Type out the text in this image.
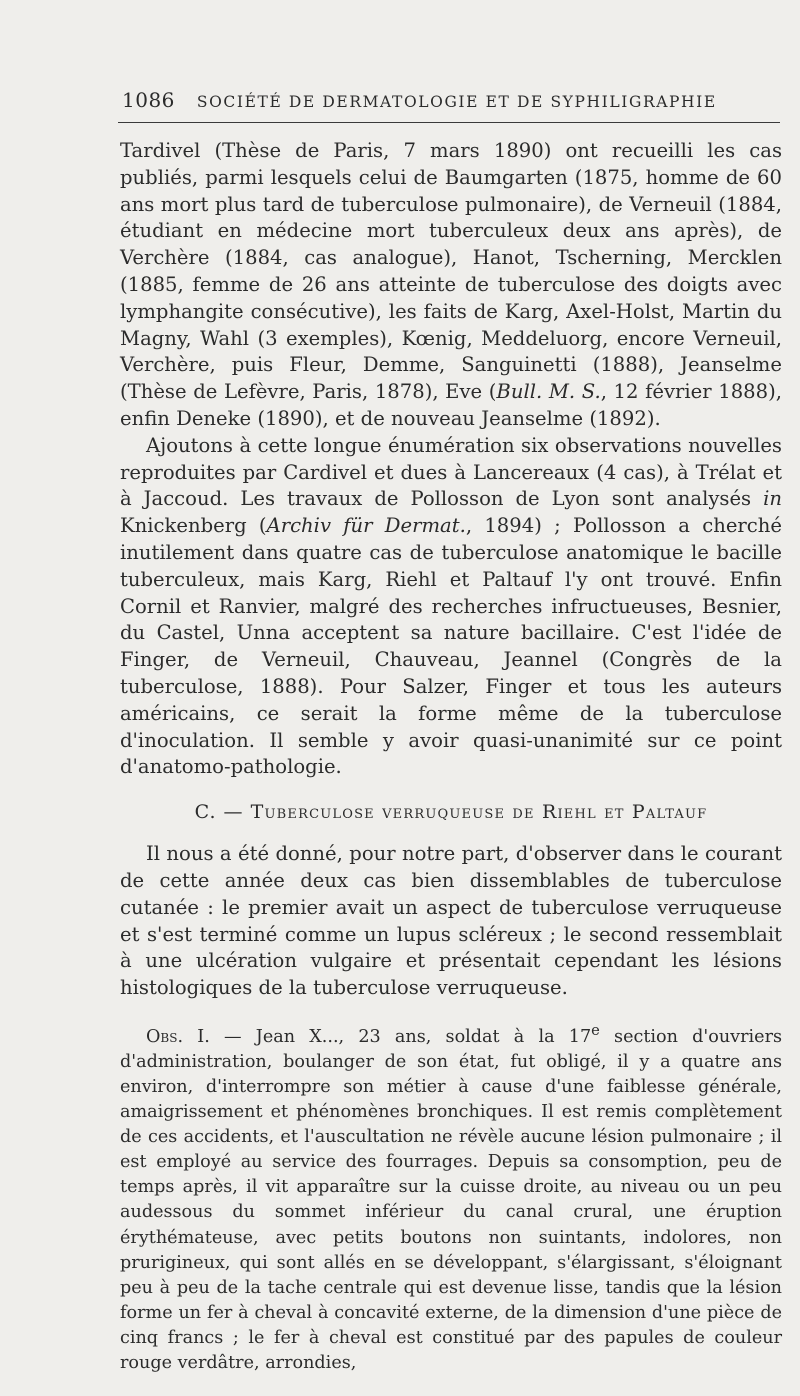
1086 SOCIÉTÉ DE DERMATOLOGIE ET DE SYPHILIGRAPHIE

Tardivel (Thèse de Paris, 7 mars 1890) ont recueilli les cas publiés, parmi lesquels celui de Baumgarten (1875, homme de 60 ans mort plus tard de tuberculose pulmonaire), de Verneuil (1884, étudiant en médecine mort tuberculeux deux ans après), de Verchère (1884, cas analogue), Hanot, Tscherning, Mercklen (1885, femme de 26 ans atteinte de tuberculose des doigts avec lymphangite consécutive), les faits de Karg, Axel-Holst, Martin du Magny, Wahl (3 exemples), Kœnig, Meddeluorg, encore Verneuil, Verchère, puis Fleur, Demme, Sanguinetti (1888), Jeanselme (Thèse de Lefèvre, Paris, 1878), Eve (Bull. M. S., 12 février 1888), enfin Deneke (1890), et de nouveau Jeanselme (1892).

Ajoutons à cette longue énumération six observations nouvelles reproduites par Cardivel et dues à Lancereaux (4 cas), à Trélat et à Jaccoud. Les travaux de Pollosson de Lyon sont analysés in Knickenberg (Archiv für Dermat., 1894) ; Pollosson a cherché inutilement dans quatre cas de tuberculose anatomique le bacille tuberculeux, mais Karg, Riehl et Paltauf l'y ont trouvé. Enfin Cornil et Ranvier, malgré des recherches infructueuses, Besnier, du Castel, Unna acceptent sa nature bacillaire. C'est l'idée de Finger, de Verneuil, Chauveau, Jeannel (Congrès de la tuberculose, 1888). Pour Salzer, Finger et tous les auteurs américains, ce serait la forme même de la tuberculose d'inoculation. Il semble y avoir quasi-unanimité sur ce point d'anatomo-pathologie.

C. — Tuberculose verruqueuse de Riehl et Paltauf

Il nous a été donné, pour notre part, d'observer dans le courant de cette année deux cas bien dissemblables de tuberculose cutanée : le premier avait un aspect de tuberculose verruqueuse et s'est terminé comme un lupus scléreux ; le second ressemblait à une ulcération vulgaire et présentait cependant les lésions histologiques de la tuberculose verruqueuse.

Obs. I. — Jean X..., 23 ans, soldat à la 17e section d'ouvriers d'administration, boulanger de son état, fut obligé, il y a quatre ans environ, d'interrompre son métier à cause d'une faiblesse générale, amaigrissement et phénomènes bronchiques. Il est remis complètement de ces accidents, et l'auscultation ne révèle aucune lésion pulmonaire ; il est employé au service des fourrages. Depuis sa consomption, peu de temps après, il vit apparaître sur la cuisse droite, au niveau ou un peu audessous du sommet inférieur du canal crural, une éruption érythémateuse, avec petits boutons non suintants, indolores, non prurigineux, qui sont allés en se développant, s'élargissant, s'éloignant peu à peu de la tache centrale qui est devenue lisse, tandis que la lésion forme un fer à cheval à concavité externe, de la dimension d'une pièce de cinq francs ; le fer à cheval est constitué par des papules de couleur rouge verdâtre, arrondies,
